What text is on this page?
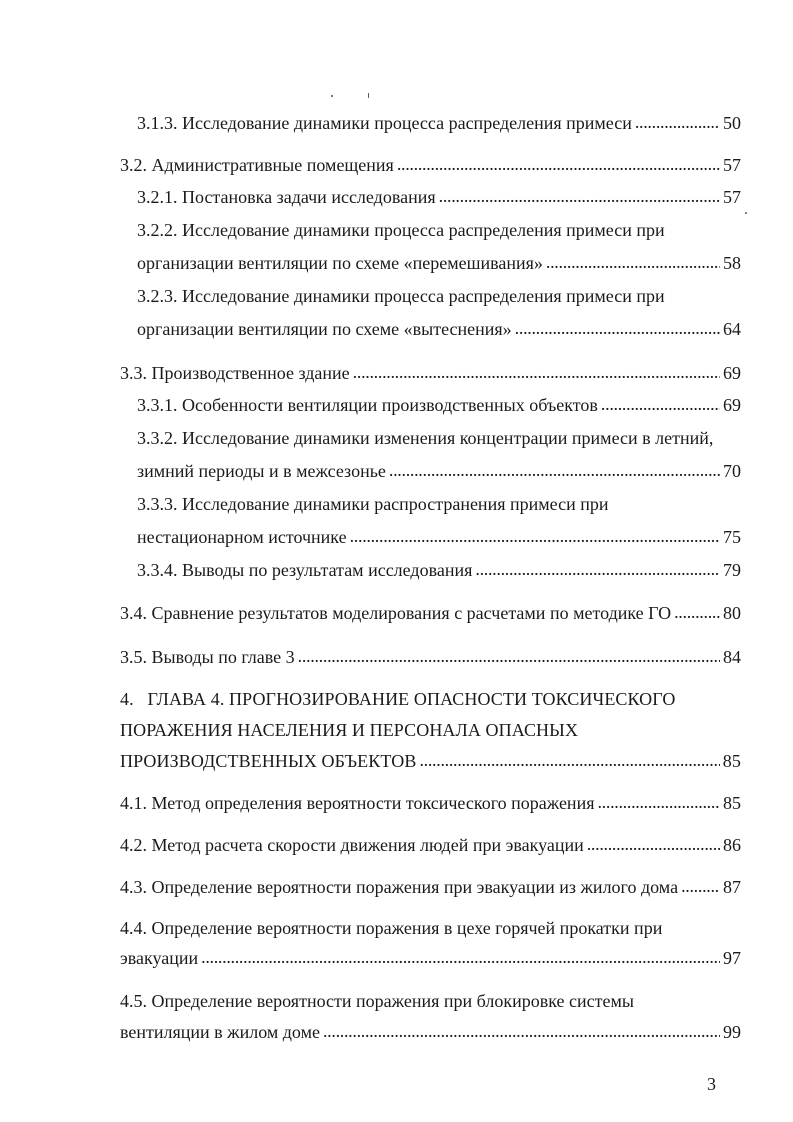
3.1.3. Исследование динамики процесса распределения примеси . . .	50
3.2. Административные помещения . . .	57
3.2.1. Постановка задачи исследования . . .	57
3.2.2. Исследование динамики процесса распределения примеси при
организации вентиляции по схеме «перемешивания» . . .	58
3.2.3. Исследование динамики процесса распределения примеси при
организации вентиляции по схеме «вытеснения» . . .	64
3.3. Производственное здание . . .	69
3.3.1. Особенности вентиляции производственных объектов . . .	69
3.3.2. Исследование динамики изменения концентрации примеси в летний,
зимний периоды и в межсезонье . . .	70
3.3.3. Исследование динамики распространения примеси при
нестационарном источнике . . .	75
3.3.4. Выводы по результатам исследования . . .	79
3.4. Сравнение результатов моделирования с расчетами по методике ГО . . .	80
3.5. Выводы по главе 3 . . .	84
4.   ГЛАВА 4. ПРОГНОЗИРОВАНИЕ ОПАСНОСТИ ТОКСИЧЕСКОГО
ПОРАЖЕНИЯ НАСЕЛЕНИЯ И ПЕРСОНАЛА ОПАСНЫХ
ПРОИЗВОДСТВЕННЫХ ОБЪЕКТОВ . . .	85
4.1. Метод определения вероятности токсического поражения . . .	85
4.2. Метод расчета скорости движения людей при эвакуации . . .	86
4.3. Определение вероятности поражения при эвакуации из жилого дома . . . 87
4.4. Определение вероятности поражения в цехе горячей прокатки при
эвакуации . . .	97
4.5. Определение вероятности поражения при блокировке системы
вентиляции в жилом доме . . .	99
3
